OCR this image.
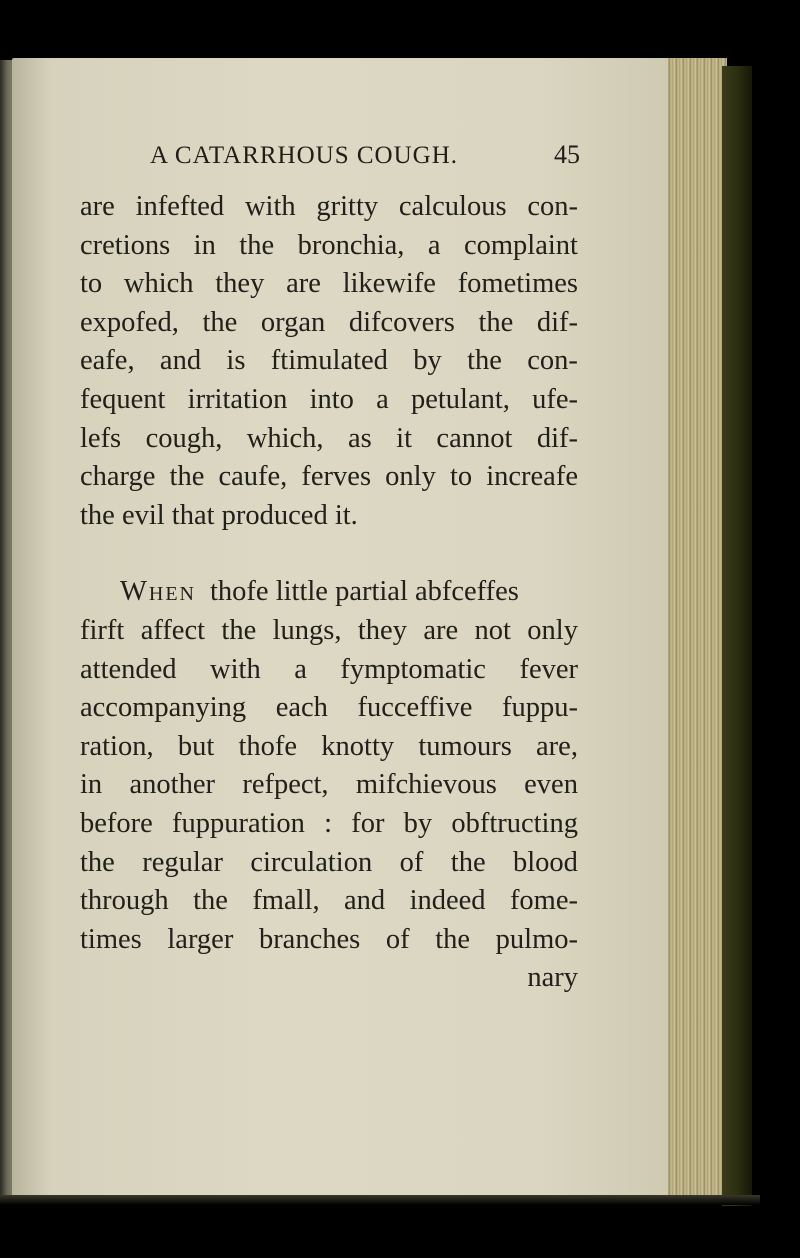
A CATARRHOUS COUGH.	45
are infefted with gritty calculous con-
cretions in the bronchia, a complaint
to which they are likewife fometimes
expofed, the organ difcovers the dif-
eafe, and is ftimulated by the con-
fequent irritation into a petulant, ufe-
lefs cough, which, as it cannot dif-
charge the caufe, ferves only to increafe
the evil that produced it.
When thofe little partial abfceffes
firft affect the lungs, they are not only
attended with a fymptomatic fever
accompanying each fucceffive fuppu-
ration, but thofe knotty tumours are,
in another refpect, mifchievous even
before fuppuration : for by obftructing
the regular circulation of the blood
through the fmall, and indeed fome-
times larger branches of the pulmo-
nary
